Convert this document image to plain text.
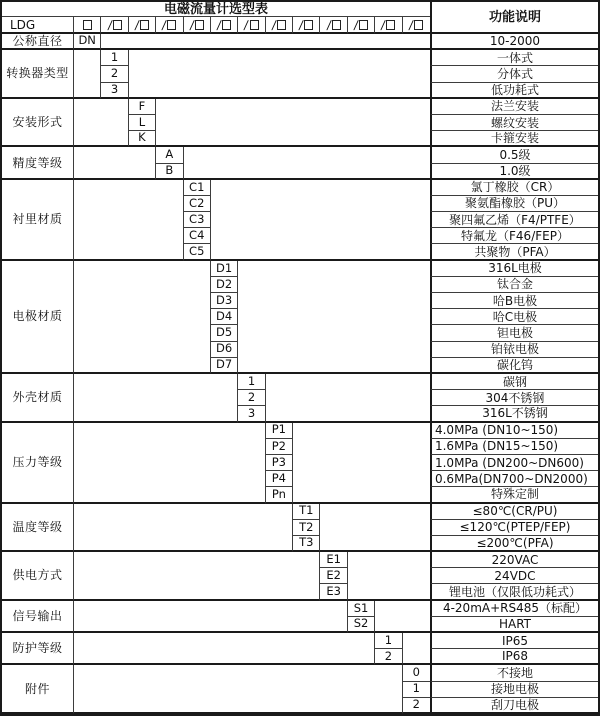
电磁流量计选型表
功能说明
LDG	/ / / / / / / / / / / /
公称直径	DN	10-2000
转换器类型
1	一体式
2	分体式
3	低功耗式
安装形式
F	法兰安装
L	螺纹安装
K	卡箍安装
精度等级
A	0.5级
B	1.0级
衬里材质
C1	氯丁橡胶（CR）
C2	聚氨酯橡胶（PU）
C3	聚四氟乙烯（F4/PTFE）
C4	特氟龙（F46/FEP）
C5	共聚物（PFA）
电极材质
D1	316L电极
D2	钛合金
D3	哈B电极
D4	哈C电极
D5	钽电极
D6	铂铱电极
D7	碳化钨
外壳材质
1	碳钢
2	304不锈钢
3	316L不锈钢
压力等级
P1	4.0MPa (DN10~150)
P2	1.6MPa (DN15~150)
P3	1.0MPa (DN200~DN600)
P4	0.6MPa(DN700~DN2000)
Pn	特殊定制
温度等级
T1	≤80℃(CR/PU)
T2	≤120℃(PTEP/FEP)
T3	≤200℃(PFA)
供电方式
E1	220VAC
E2	24VDC
E3	锂电池（仅限低功耗式）
信号输出
S1	4-20mA+RS485（标配）
S2	HART
防护等级
1	IP65
2	IP68
附件
0	不接地
1	接地电极
2	刮刀电极
